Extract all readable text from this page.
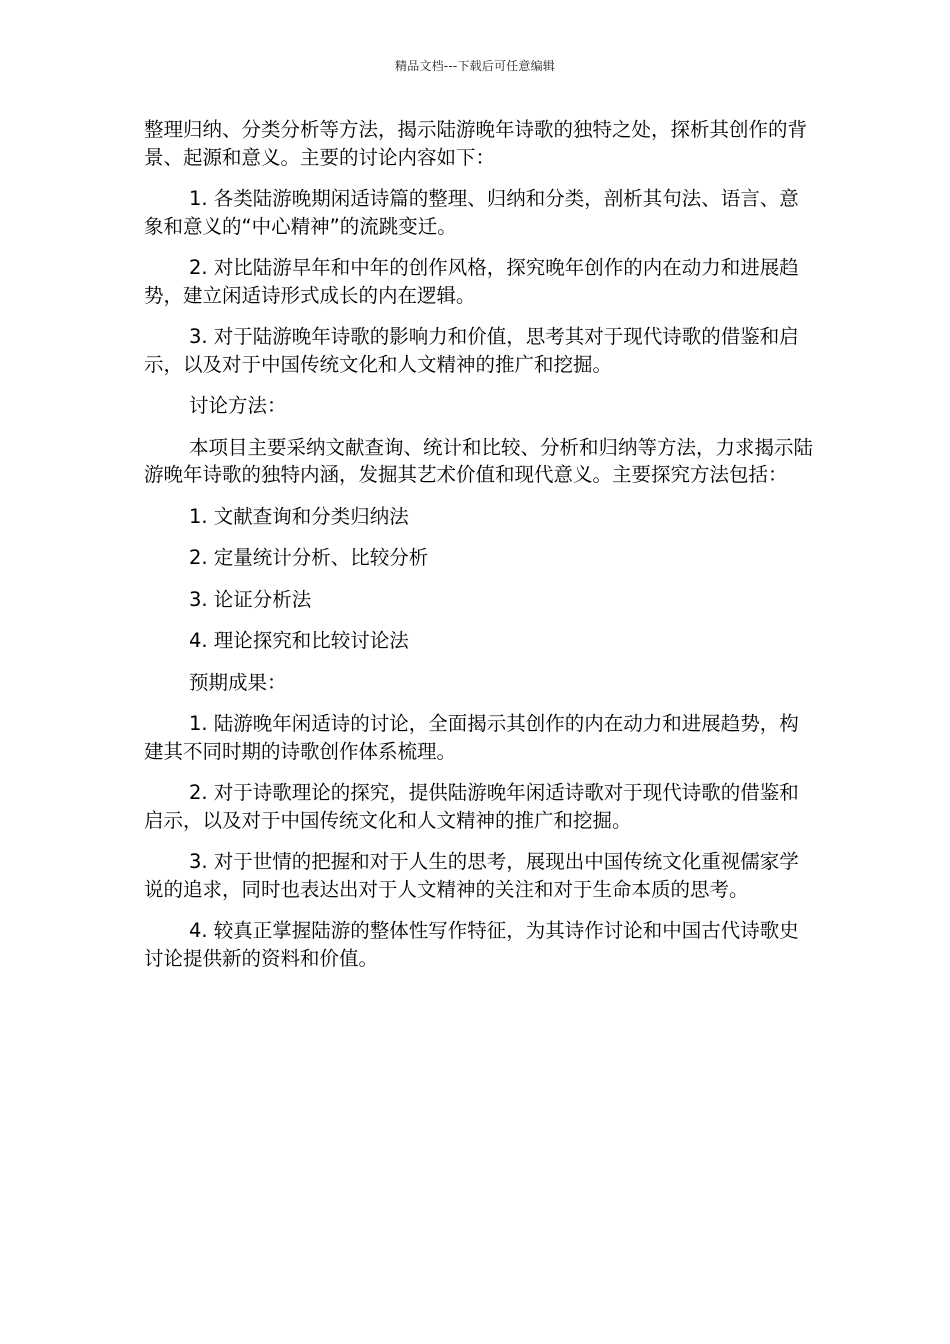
精品文档---下载后可任意编辑

整理归纳、分类分析等方法，揭示陆游晚年诗歌的独特之处，探析其创作的背景、起源和意义。主要的讨论内容如下：

1. 各类陆游晚期闲适诗篇的整理、归纳和分类，剖析其句法、语言、意象和意义的“中心精神”的流跳变迁。

2. 对比陆游早年和中年的创作风格，探究晚年创作的内在动力和进展趋势，建立闲适诗形式成长的内在逻辑。

3. 对于陆游晚年诗歌的影响力和价值，思考其对于现代诗歌的借鉴和启示，以及对于中国传统文化和人文精神的推广和挖掘。

讨论方法：

本项目主要采纳文献查询、统计和比较、分析和归纳等方法，力求揭示陆游晚年诗歌的独特内涵，发掘其艺术价值和现代意义。主要探究方法包括：

1. 文献查询和分类归纳法

2. 定量统计分析、比较分析

3. 论证分析法

4. 理论探究和比较讨论法

预期成果：

1. 陆游晚年闲适诗的讨论，全面揭示其创作的内在动力和进展趋势，构建其不同时期的诗歌创作体系梳理。

2. 对于诗歌理论的探究，提供陆游晚年闲适诗歌对于现代诗歌的借鉴和启示，以及对于中国传统文化和人文精神的推广和挖掘。

3. 对于世情的把握和对于人生的思考，展现出中国传统文化重视儒家学说的追求，同时也表达出对于人文精神的关注和对于生命本质的思考。

4. 较真正掌握陆游的整体性写作特征，为其诗作讨论和中国古代诗歌史讨论提供新的资料和价值。
